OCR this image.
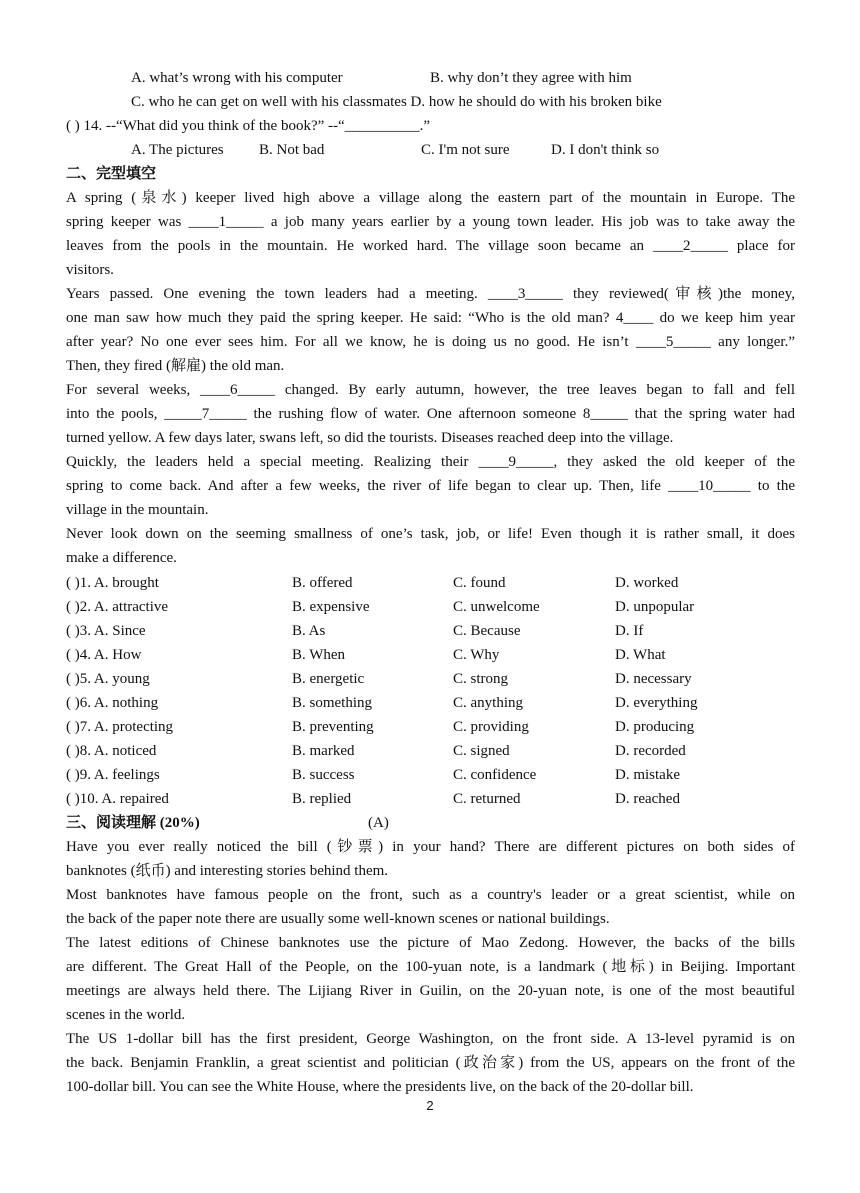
A. what’s wrong with his computer	B. why don’t they agree with him
C. who he can get on well with his classmates D. how he should do with his broken bike
( ) 14. --“What did you think of the book?” --“__________.”
A. The pictures B. Not bad	C. I'm not sure	D. I don't think so
二、完型填空
A spring (泉水) keeper lived high above a village along the eastern part of the mountain in Europe. The
spring keeper was ____1_____ a job many years earlier by a young town leader. His job was to take away the
leaves from the pools in the mountain. He worked hard. The village soon became an ____2_____ place for
visitors.
Years passed. One evening the town leaders had a meeting. ____3_____ they reviewed(审核)the money,
one man saw how much they paid the spring keeper. He said: “Who is the old man? 4____ do we keep him year
after year? No one ever sees him. For all we know, he is doing us no good. He isn’t ____5_____ any longer.”
Then, they fired (解雇) the old man.
For several weeks, ____6_____ changed. By early autumn, however, the tree leaves began to fall and fell
into the pools, _____7_____ the rushing flow of water. One afternoon someone 8_____ that the spring water had
turned yellow. A few days later, swans left, so did the tourists. Diseases reached deep into the village.
Quickly, the leaders held a special meeting. Realizing their ____9_____, they asked the old keeper of the
spring to come back. And after a few weeks, the river of life began to clear up. Then, life ____10_____ to the
village in the mountain.
Never look down on the seeming smallness of one’s task, job, or life! Even though it is rather small, it does
make a difference.
( )1. A. brought	B. offered	C. found	D. worked
( )2. A. attractive	B. expensive	C. unwelcome	D. unpopular
( )3. A. Since	B. As	C. Because	D. If
( )4. A. How	B. When	C. Why	D. What
( )5. A. young	B. energetic	C. strong	D. necessary
( )6. A. nothing	B. something	C. anything	D. everything
( )7. A. protecting	B. preventing	C. providing	D. producing
( )8. A. noticed	B. marked	C. signed	D. recorded
( )9. A. feelings	B. success	C. confidence	D. mistake
( )10. A. repaired	B. replied	C. returned	D. reached
三、阅读理解 (20%)	(A)
Have you ever really noticed the bill (钞票) in your hand? There are different pictures on both sides of
banknotes (纸币) and interesting stories behind them.
Most banknotes have famous people on the front, such as a country's leader or a great scientist, while on
the back of the paper note there are usually some well-known scenes or national buildings.
The latest editions of Chinese banknotes use the picture of Mao Zedong. However, the backs of the bills
are different. The Great Hall of the People, on the 100-yuan note, is a landmark (地标) in Beijing. Important
meetings are always held there. The Lijiang River in Guilin, on the 20-yuan note, is one of the most beautiful
scenes in the world.
The US 1-dollar bill has the first president, George Washington, on the front side. A 13-level pyramid is on
the back. Benjamin Franklin, a great scientist and politician (政治家) from the US, appears on the front of the
100-dollar bill. You can see the White House, where the presidents live, on the back of the 20-dollar bill.
2
